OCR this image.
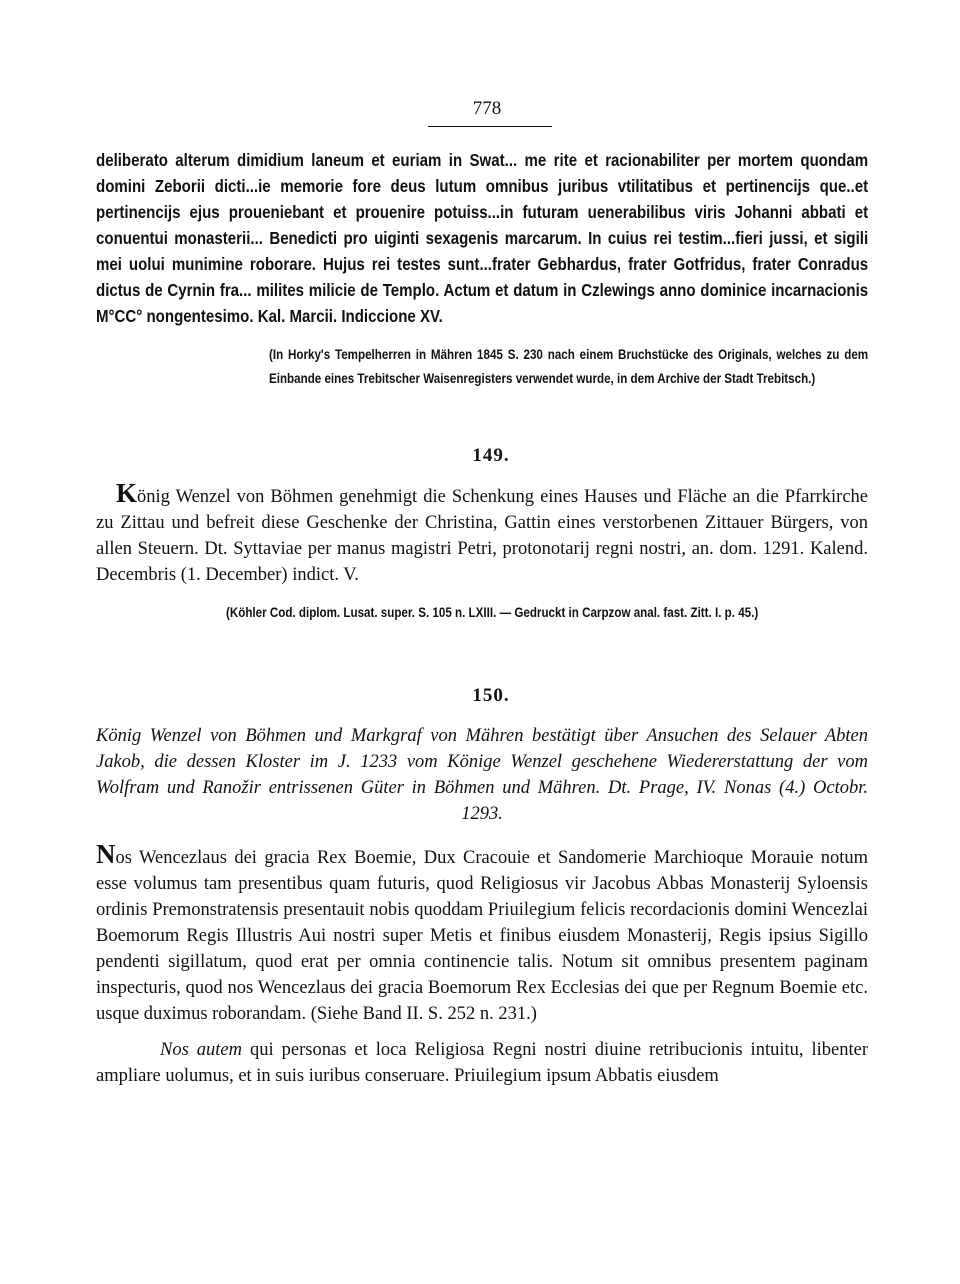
778

deliberato alterum dimidium laneum et euriam in Swat... me rite et racionabiliter per mortem quondam domini Zeborii dicti...ie memorie fore deus lutum omnibus juribus vtilitatibus et pertinencijs que..et pertinencijs ejus proueniebant et prouenire potuiss...in futuram uenerabilibus viris Johanni abbati et conuentui monasterii... Benedicti pro uiginti sexagenis marcarum. In cuius rei testim...fieri jussi, et sigili mei uolui munimine roborare. Hujus rei testes sunt...frater Gebhardus, frater Gotfridus, frater Conradus dictus de Cyrnin fra... milites milicie de Templo. Actum et datum in Czlewings anno dominice incarnacionis M°CC° nongentesimo. Kal. Marcii. Indiccione XV.

(In Horky's Tempelherren in Mähren 1845 S. 230 nach einem Bruchstücke des Originals, welches zu dem Einbande eines Trebitscher Waisenregisters verwendet wurde, in dem Archive der Stadt Trebitsch.)

149.

König Wenzel von Böhmen genehmigt die Schenkung eines Hauses und Fläche an die Pfarrkirche zu Zittau und befreit diese Geschenke der Christina, Gattin eines verstorbenen Zittauer Bürgers, von allen Steuern. Dt. Syttaviae per manus magistri Petri, protonotarij regni nostri, an. dom. 1291. Kalend. Decembris (1. December) indict. V.

(Köhler Cod. diplom. Lusat. super. S. 105 n. LXIII. — Gedruckt in Carpzow anal. fast. Zitt. I. p. 45.)

150.

König Wenzel von Böhmen und Markgraf von Mähren bestätigt über Ansuchen des Selauer Abten Jakob, die dessen Kloster im J. 1233 vom Könige Wenzel geschehene Wiedererstattung der vom Wolfram und Ranožir entrissenen Güter in Böhmen und Mähren. Dt. Prage, IV. Nonas (4.) Octobr. 1293.

Nos Wencezlaus dei gracia Rex Boemie, Dux Cracouie et Sandomerie Marchioque Morauie notum esse volumus tam presentibus quam futuris, quod Religiosus vir Jacobus Abbas Monasterij Syloensis ordinis Premonstratensis presentauit nobis quoddam Priuilegium felicis recordacionis domini Wencezlai Boemorum Regis Illustris Aui nostri super Metis et finibus eiusdem Monasterij, Regis ipsius Sigillo pendenti sigillatum, quod erat per omnia continencie talis. Notum sit omnibus presentem paginam inspecturis, quod nos Wencezlaus dei gracia Boemorum Rex Ecclesias dei que per Regnum Boemie etc. usque duximus roborandam. (Siehe Band II. S. 252 n. 231.)

Nos autem qui personas et loca Religiosa Regni nostri diuine retribucionis intuitu, libenter ampliare uolumus, et in suis iuribus conseruare. Priuilegium ipsum Abbatis eiusdem
